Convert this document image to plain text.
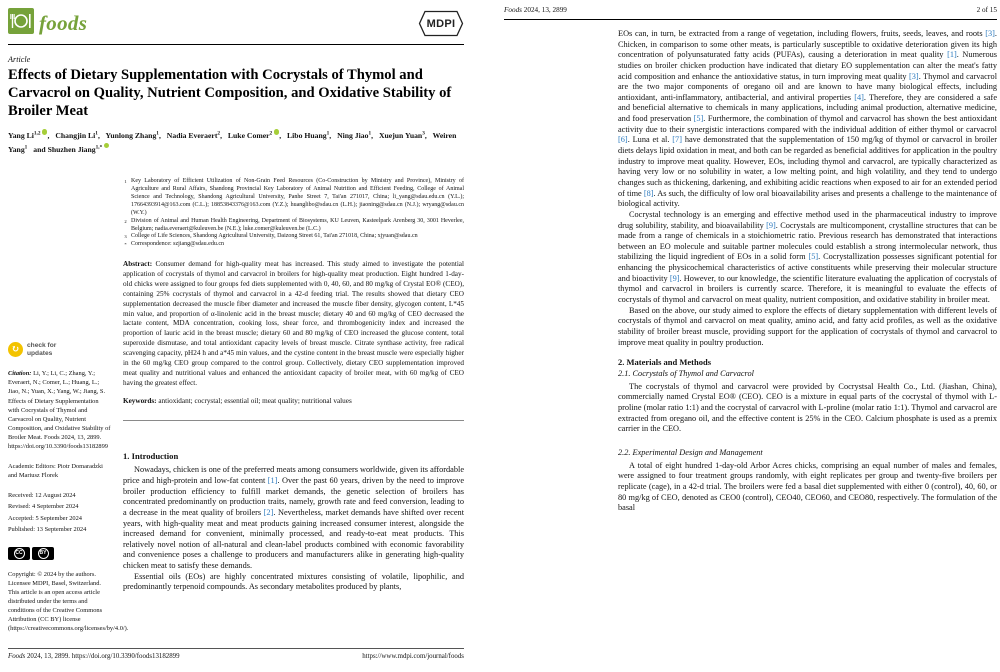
foods	MDPI
Article
Effects of Dietary Supplementation with Cocrystals of Thymol and Carvacrol on Quality, Nutrient Composition, and Oxidative Stability of Broiler Meat
Yang Li$^{1,2}$ , Changjin Li$^1$, Yunlong Zhang$^1$, Nadia Everaert$^2$, Luke Comer$^2$ , Libo Huang$^1$, Ning Jiao$^1$, Xuejun Yuan$^3$, Weiren Yang$^1$ and Shuzhen Jiang$^{1,*}$
↻	check for
updates

Citation: Li, Y.; Li, C.; Zhang, Y.; Everaert, N.; Comer, L.; Huang, L.; Jiao, N.; Yuan, X.; Yang, W.; Jiang, S. Effects of Dietary Supplementation with Cocrystals of Thymol and Carvacrol on Quality, Nutrient Composition, and Oxidative Stability of Broiler Meat. Foods 2024, 13, 2899. https://doi.org/10.3390/foods13182899

Academic Editors: Piotr Domaradzki and Mariusz Florek

Received: 12 August 2024

Revised: 4 September 2024

Accepted: 5 September 2024

Published: 13 September 2024

CC	BY

Copyright: © 2024 by the authors. Licensee MDPI, Basel, Switzerland. This article is an open access article distributed under the terms and conditions of the Creative Commons Attribution (CC BY) license (https://creativecommons.org/licenses/by/4.0/).

1 Key Laboratory of Efficient Utilization of Non-Grain Feed Resources (Co-Construction by Ministry and Province), Ministry of Agriculture and Rural Affairs, Shandong Provincial Key Laboratory of Animal Nutrition and Efficient Feeding, College of Animal Science and Technology, Shandong Agricultural University, Panhe Street 7, Tai'an 271017, China; li_yang@sdau.edu.cn (Y.L.); 17664393914@163.com (C.L.); 18853843376@163.com (Y.Z.); huanglibo@sdau.cn (L.H.); jiaoning@sdau.cn (N.J.); wryang@sdau.cn (W.Y.)
2 Division of Animal and Human Health Engineering, Department of Biosystems, KU Leuven, Kasteelpark Arenberg 30, 3001 Heverlee, Belgium; nadia.everaert@kuleuven.be (N.E.); luke.comer@kuleuven.be (L.C.)
3 College of Life Sciences, Shandong Agricultural University, Daizong Street 61, Tai'an 271018, China; xjyuan@sdau.cn
* Correspondence: szjiang@sdau.edu.cn

Abstract: Consumer demand for high-quality meat has increased. This study aimed to investigate the potential application of cocrystals of thymol and carvacrol in broilers for high-quality meat production. Eight hundred 1-day-old chicks were assigned to four groups fed diets supplemented with 0, 40, 60, and 80 mg/kg of Crystal EO® (CEO), containing 25% cocrystals of thymol and carvacrol in a 42-d feeding trial. The results showed that dietary CEO supplementation decreased the muscle fiber diameter and increased the muscle fiber density, glycogen content, L*45 min value, and proportion of α-linolenic acid in the breast muscle; dietary 40 and 60 mg/kg of CEO decreased the lactate content, MDA concentration, cooking loss, shear force, and thrombogenicity index and increased the proportion of lauric acid in the breast muscle; dietary 60 and 80 mg/kg of CEO increased the glucose content, total superoxide dismutase, and total antioxidant capacity levels of breast muscle. Citrate synthase activity, free radical scavenging capacity, pH24 h and a*45 min values, and the cystine content in the breast muscle were especially higher in the 60 mg/kg CEO group compared to the control group. Collectively, dietary CEO supplementation improved meat quality and nutritional values and enhanced the antioxidant capacity of broiler meat, with 60 mg/kg of CEO having the greatest effect.

Keywords: antioxidant; cocrystal; essential oil; meat quality; nutritional values

1. Introduction

Nowadays, chicken is one of the preferred meats among consumers worldwide, given its affordable price and high-protein and low-fat content [1]. Over the past 60 years, driven by the need to improve broiler production efficiency to fulfill market demands, the genetic selection of broilers has concentrated predominantly on production traits, namely, growth rate and feed conversion, leading to a decrease in the meat quality of broilers [2]. Nevertheless, market demands have shifted over recent years, with high-quality meat and meat products gaining increased consumer interest, alongside the increased demand for convenient, minimally processed, and ready-to-eat meat products. This relatively novel notion of all-natural and clean-label products combined with economic favorability and convenience poses a challenge to producers and manufacturers alike in generating high-quality chicken meat to satisfy these demands.

Essential oils (EOs) are highly concentrated mixtures consisting of volatile, lipophilic, and predominantly terpenoid compounds. As secondary metabolites produced by plants,

Foods 2024, 13, 2899. https://doi.org/10.3390/foods13182899	https://www.mdpi.com/journal/foods
Foods 2024, 13, 2899	2 of 15

EOs can, in turn, be extracted from a range of vegetation, including flowers, fruits, seeds, leaves, and roots [3]. Chicken, in comparison to some other meats, is particularly susceptible to oxidative deterioration given its high concentration of polyunsaturated fatty acids (PUFAs), causing a deterioration in meat quality [1]. Numerous studies on broiler chicken production have indicated that dietary EO supplementation can alter the meat's fatty acid composition and enhance the antioxidative status, in turn improving meat quality [3]. Thymol and carvacrol are the two major components of oregano oil and are known to have many biological effects, including antioxidant, anti-inflammatory, antibacterial, and antiviral properties [4]. Therefore, they are considered a safe and beneficial alternative to chemicals in many applications, including animal production, alternative medicine, and food preservation [5]. Furthermore, the combination of thymol and carvacrol has shown the best antioxidant activity due to their synergistic interactions compared with the individual addition of either thymol or carvacrol [6]. Luna et al. [7] have demonstrated that the supplementation of 150 mg/kg of thymol or carvacrol in broiler diets delays lipid oxidation in meat, and both can be regarded as beneficial additives for application in the poultry industry to improve meat quality. However, EOs, including thymol and carvacrol, are typically characterized as having very low or no solubility in water, a low melting point, and high volatility, and they tend to undergo changes such as thickening, darkening, and exhibiting acidic reactions when exposed to air for an extended period of time [8]. As such, the difficulty of low oral bioavailability arises and presents a challenge to the maintenance of biological activity.

Cocrystal technology is an emerging and effective method used in the pharmaceutical industry to improve drug solubility, stability, and bioavailability [9]. Cocrystals are multicomponent, crystalline structures that can be made from a range of chemicals in a stoichiometric ratio. Previous research has demonstrated that interactions between an EO molecule and suitable partner molecules could establish a strong intermolecular network, thus stabilizing the liquid ingredient of EOs in a solid form [5]. Cocrystallization possesses significant potential for enhancing the physicochemical characteristics of active constituents while preserving their molecular structure and bioactivity [9]. However, to our knowledge, the scientific literature evaluating the application of cocrystals of thymol and carvacrol in broilers is currently scarce. Therefore, it is meaningful to evaluate the effects of cocrystals of thymol and carvacrol on meat quality, nutrient composition, and oxidative stability in broiler meat.

Based on the above, our study aimed to explore the effects of dietary supplementation with different levels of cocrystals of thymol and carvacrol on meat quality, amino acid, and fatty acid profiles, as well as the oxidative stability of broiler breast muscle, providing support for the application of cocrystals of thymol and carvacrol to improve meat quality in poultry production.

2. Materials and Methods
2.1. Cocrystals of Thymol and Carvacrol

The cocrystals of thymol and carvacrol were provided by Cocrystsal Health Co., Ltd. (Jiashan, China), commercially named Crystal EO® (CEO). CEO is a mixture in equal parts of the cocrystal of thymol with L-proline (molar ratio 1:1) and the cocrystal of carvacrol with L-proline (molar ratio 1:1). Thymol and carvacrol are extracted from oregano oil, and the effective content is 25% in the CEO. Calcium phosphate is used as a premix carrier in the CEO.

2.2. Experimental Design and Management

A total of eight hundred 1-day-old Arbor Acres chicks, comprising an equal number of males and females, were assigned to four treatment groups randomly, with eight replicates per group and twenty-five broilers per replicate (cage), in a 42-d trial. The broilers were fed a basal diet supplemented with either 0 (control), 40, 60, or 80 mg/kg of CEO, denoted as CEO0 (control), CEO40, CEO60, and CEO80, respectively. The formulation of the basal
